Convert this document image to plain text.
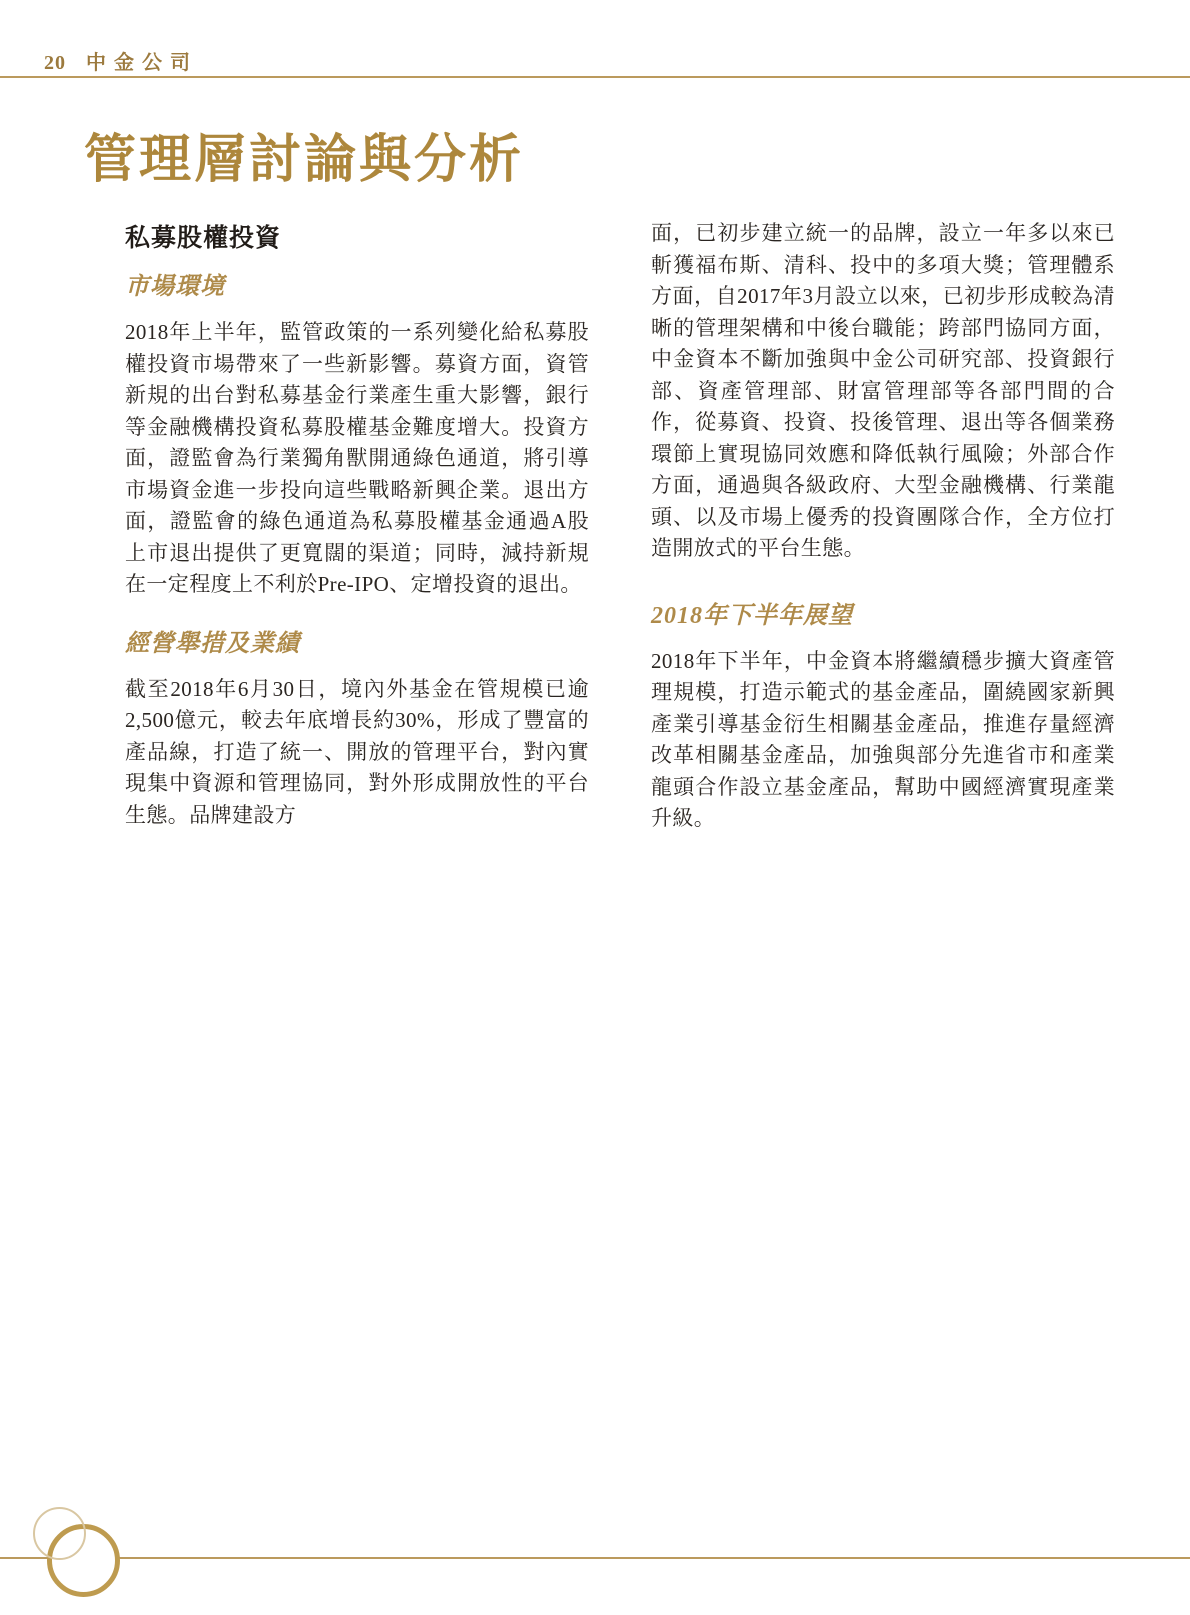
20 中金公司
管理層討論與分析
私募股權投資
市場環境

2018年上半年，監管政策的一系列變化給私募股權投資市場帶來了一些新影響。募資方面，資管新規的出台對私募基金行業產生重大影響，銀行等金融機構投資私募股權基金難度增大。投資方面，證監會為行業獨角獸開通綠色通道，將引導市場資金進一步投向這些戰略新興企業。退出方面，證監會的綠色通道為私募股權基金通過A股上市退出提供了更寬闊的渠道；同時，減持新規在一定程度上不利於Pre-IPO、定增投資的退出。

經營舉措及業績

截至2018年6月30日，境內外基金在管規模已逾2,500億元，較去年底增長約30%，形成了豐富的產品線，打造了統一、開放的管理平台，對內實現集中資源和管理協同，對外形成開放性的平台生態。品牌建設方

面，已初步建立統一的品牌，設立一年多以來已斬獲福布斯、清科、投中的多項大獎；管理體系方面，自2017年3月設立以來，已初步形成較為清晰的管理架構和中後台職能；跨部門協同方面，中金資本不斷加強與中金公司研究部、投資銀行部、資產管理部、財富管理部等各部門間的合作，從募資、投資、投後管理、退出等各個業務環節上實現協同效應和降低執行風險；外部合作方面，通過與各級政府、大型金融機構、行業龍頭、以及市場上優秀的投資團隊合作，全方位打造開放式的平台生態。

2018年下半年展望

2018年下半年，中金資本將繼續穩步擴大資產管理規模，打造示範式的基金產品，圍繞國家新興產業引導基金衍生相關基金產品，推進存量經濟改革相關基金產品，加強與部分先進省市和產業龍頭合作設立基金產品，幫助中國經濟實現產業升級。
